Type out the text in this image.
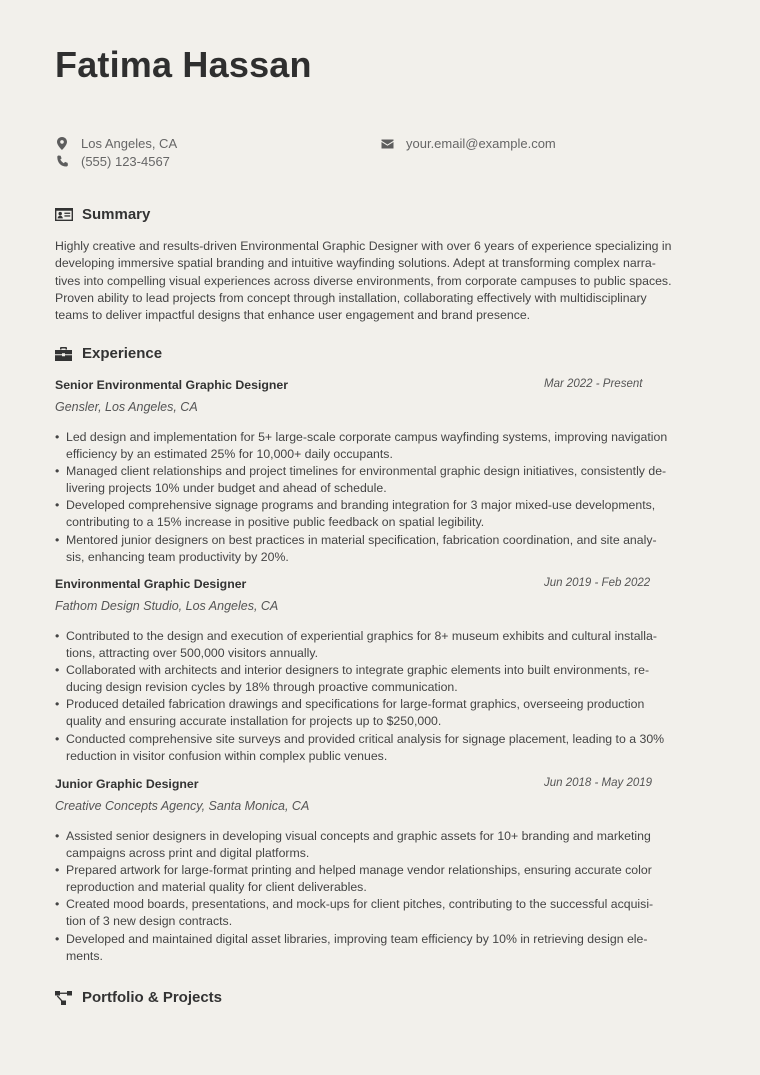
Fatima Hassan
Los Angeles, CA
(555) 123-4567
your.email@example.com
Summary

Highly creative and results-driven Environmental Graphic Designer with over 6 years of experience specializing in

developing immersive spatial branding and intuitive wayfinding solutions. Adept at transforming complex narra-

tives into compelling visual experiences across diverse environments, from corporate campuses to public spaces.

Proven ability to lead projects from concept through installation, collaborating effectively with multidisciplinary

teams to deliver impactful designs that enhance user engagement and brand presence.

Experience
Senior Environmental Graphic Designer	Mar 2022 - Present
Gensler, Los Angeles, CA
• Led design and implementation for 5+ large-scale corporate campus wayfinding systems, improving navigation
efficiency by an estimated 25% for 10,000+ daily occupants.
• Managed client relationships and project timelines for environmental graphic design initiatives, consistently de-
livering projects 10% under budget and ahead of schedule.
• Developed comprehensive signage programs and branding integration for 3 major mixed-use developments,
contributing to a 15% increase in positive public feedback on spatial legibility.
• Mentored junior designers on best practices in material specification, fabrication coordination, and site analy-
sis, enhancing team productivity by 20%.
Environmental Graphic Designer	Jun 2019 - Feb 2022
Fathom Design Studio, Los Angeles, CA
• Contributed to the design and execution of experiential graphics for 8+ museum exhibits and cultural installa-
tions, attracting over 500,000 visitors annually.
• Collaborated with architects and interior designers to integrate graphic elements into built environments, re-
ducing design revision cycles by 18% through proactive communication.
• Produced detailed fabrication drawings and specifications for large-format graphics, overseeing production
quality and ensuring accurate installation for projects up to $250,000.
• Conducted comprehensive site surveys and provided critical analysis for signage placement, leading to a 30%
reduction in visitor confusion within complex public venues.
Junior Graphic Designer	Jun 2018 - May 2019
Creative Concepts Agency, Santa Monica, CA
• Assisted senior designers in developing visual concepts and graphic assets for 10+ branding and marketing
campaigns across print and digital platforms.
• Prepared artwork for large-format printing and helped manage vendor relationships, ensuring accurate color
reproduction and material quality for client deliverables.
• Created mood boards, presentations, and mock-ups for client pitches, contributing to the successful acquisi-
tion of 3 new design contracts.
• Developed and maintained digital asset libraries, improving team efficiency by 10% in retrieving design ele-
ments.
Portfolio & Projects
